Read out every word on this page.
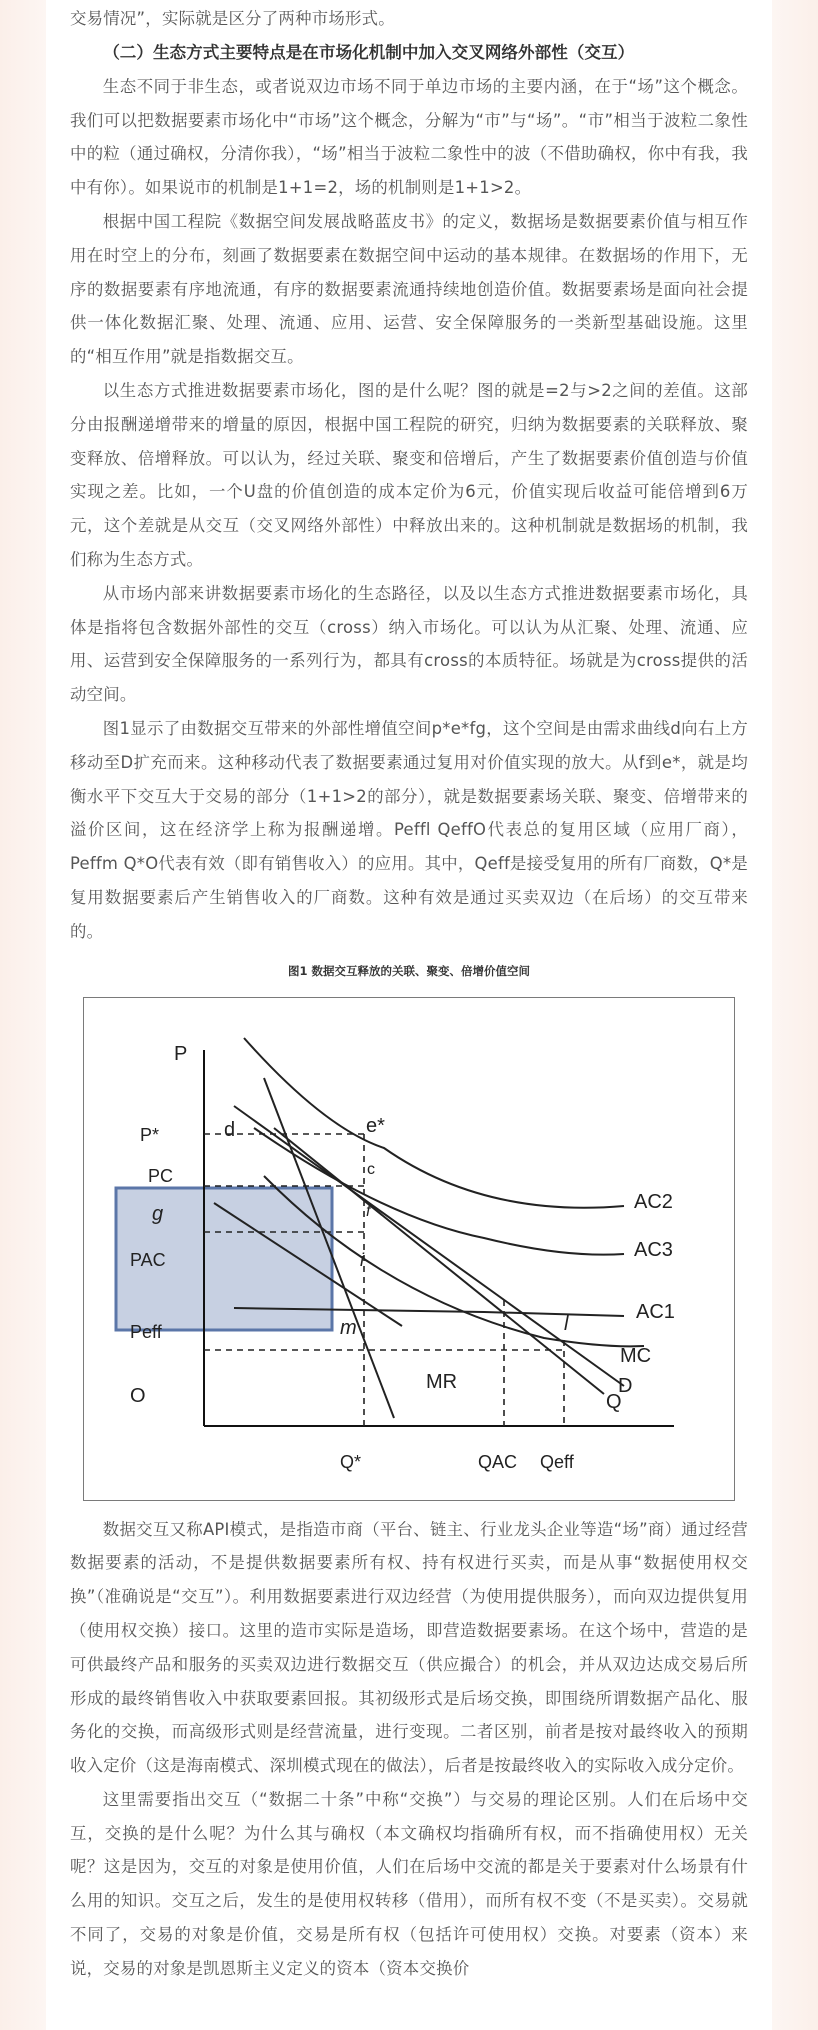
交易情况”，实际就是区分了两种市场形式。

（二）生态方式主要特点是在市场化机制中加入交叉网络外部性（交互）

生态不同于非生态，或者说双边市场不同于单边市场的主要内涵，在于“场”这个概念。我们可以把数据要素市场化中“市场”这个概念，分解为“市”与“场”。“市”相当于波粒二象性中的粒（通过确权，分清你我），“场”相当于波粒二象性中的波（不借助确权，你中有我，我中有你）。如果说市的机制是1+1=2，场的机制则是1+1>2。

根据中国工程院《数据空间发展战略蓝皮书》的定义，数据场是数据要素价值与相互作用在时空上的分布，刻画了数据要素在数据空间中运动的基本规律。在数据场的作用下，无序的数据要素有序地流通，有序的数据要素流通持续地创造价值。数据要素场是面向社会提供一体化数据汇聚、处理、流通、应用、运营、安全保障服务的一类新型基础设施。这里的“相互作用”就是指数据交互。

以生态方式推进数据要素市场化，图的是什么呢？图的就是=2与>2之间的差值。这部分由报酬递增带来的增量的原因，根据中国工程院的研究，归纳为数据要素的关联释放、聚变释放、倍增释放。可以认为，经过关联、聚变和倍增后，产生了数据要素价值创造与价值实现之差。比如，一个U盘的价值创造的成本定价为6元，价值实现后收益可能倍增到6万元，这个差就是从交互（交叉网络外部性）中释放出来的。这种机制就是数据场的机制，我们称为生态方式。

从市场内部来讲数据要素市场化的生态路径，以及以生态方式推进数据要素市场化，具体是指将包含数据外部性的交互（cross）纳入市场化。可以认为从汇聚、处理、流通、应用、运营到安全保障服务的一系列行为，都具有cross的本质特征。场就是为cross提供的活动空间。

图1显示了由数据交互带来的外部性增值空间p*e*fg，这个空间是由需求曲线d向右上方移动至D扩充而来。这种移动代表了数据要素通过复用对价值实现的放大。从f到e*，就是均衡水平下交互大于交易的部分（1+1>2的部分），就是数据要素场关联、聚变、倍增带来的溢价区间，这在经济学上称为报酬递增。Peffl QeffO代表总的复用区域（应用厂商），Peffm Q*O代表有效（即有销售收入）的应用。其中，Qeff是接受复用的所有厂商数，Q*是复用数据要素后产生销售收入的厂商数。这种有效是通过买卖双边（在后场）的交互带来的。

图1 数据交互释放的关联、聚变、倍增价值空间
P
P*
PC
g
PAC
Peff
O	Q
Q*	QAC Qeff
d	e*
c
f
i
m	l
AC2
AC3
AC1
MC
MR	D

数据交互又称API模式，是指造市商（平台、链主、行业龙头企业等造“场”商）通过经营数据要素的活动，不是提供数据要素所有权、持有权进行买卖，而是从事“数据使用权交换”（准确说是“交互”）。利用数据要素进行双边经营（为使用提供服务），而向双边提供复用（使用权交换）接口。这里的造市实际是造场，即营造数据要素场。在这个场中，营造的是可供最终产品和服务的买卖双边进行数据交互（供应撮合）的机会，并从双边达成交易后所形成的最终销售收入中获取要素回报。其初级形式是后场交换，即围绕所谓数据产品化、服务化的交换，而高级形式则是经营流量，进行变现。二者区别，前者是按对最终收入的预期收入定价（这是海南模式、深圳模式现在的做法），后者是按最终收入的实际收入成分定价。

这里需要指出交互（“数据二十条”中称“交换”）与交易的理论区别。人们在后场中交互，交换的是什么呢？为什么其与确权（本文确权均指确所有权，而不指确使用权）无关呢？这是因为，交互的对象是使用价值，人们在后场中交流的都是关于要素对什么场景有什么用的知识。交互之后，发生的是使用权转移（借用），而所有权不变（不是买卖）。交易就不同了，交易的对象是价值，交易是所有权（包括许可使用权）交换。对要素（资本）来说，交易的对象是凯恩斯主义定义的资本（资本交换价
